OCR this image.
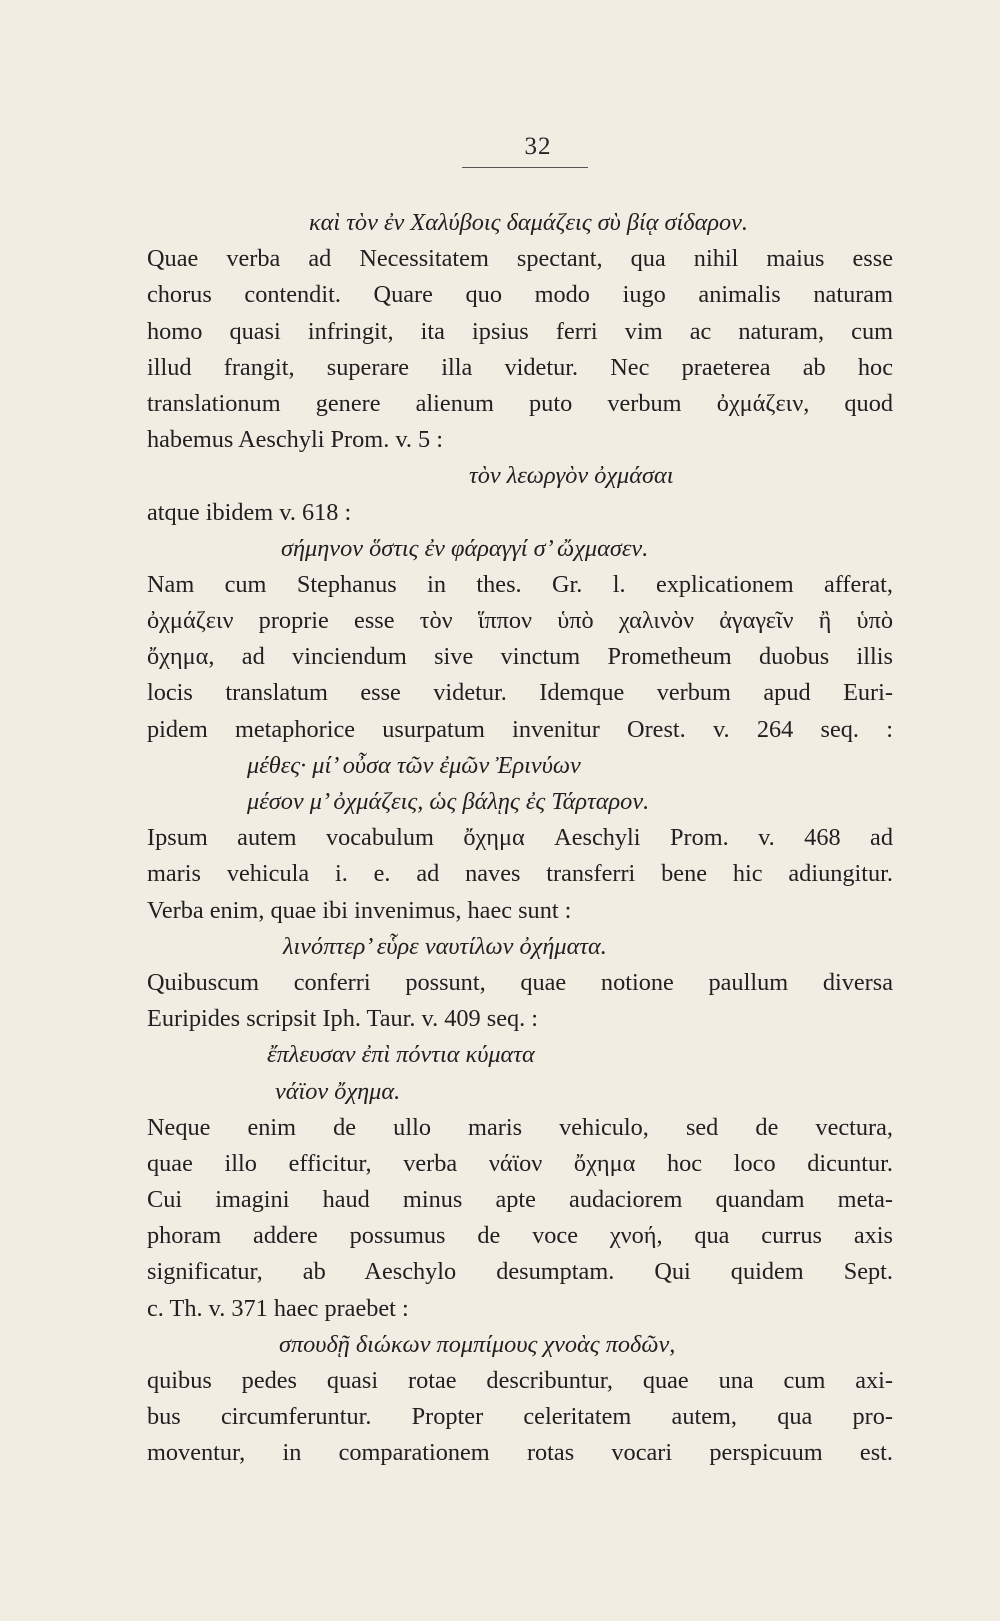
32
καὶ τὸν ἐν Χαλύβοις δαμάζεις σὺ βίᾳ σίδαρον.
Quae verba ad Necessitatem spectant, qua nihil maius esse
chorus contendit. Quare quo modo iugo animalis naturam
homo quasi infringit, ita ipsius ferri vim ac naturam, cum
illud frangit, superare illa videtur. Nec praeterea ab hoc
translationum genere alienum puto verbum ὀχμάζειν, quod
habemus Aeschyli Prom. v. 5 :
τὸν λεωργὸν ὀχμάσαι
atque ibidem v. 618 :
σήμηνον ὅστις ἐν φάραγγί σ’ ὤχμασεν.
Nam cum Stephanus in thes. Gr. l. explicationem afferat,
ὀχμάζειν proprie esse τὸν ἵππον ὑπὸ χαλινὸν ἀγαγεῖν ἢ ὑπὸ
ὄχημα, ad vinciendum sive vinctum Prometheum duobus illis
locis translatum esse videtur. Idemque verbum apud Euri-
pidem metaphorice usurpatum invenitur Orest. v. 264 seq. :
μέθες· μί’ οὖσα τῶν ἐμῶν Ἐρινύων
μέσον μ’ ὀχμάζεις, ὡς βάλῃς ἐς Τάρταρον.
Ipsum autem vocabulum ὄχημα Aeschyli Prom. v. 468 ad
maris vehicula i. e. ad naves transferri bene hic adiungitur.
Verba enim, quae ibi invenimus, haec sunt :
λινόπτερ’ εὗρε ναυτίλων ὀχήματα.
Quibuscum conferri possunt, quae notione paullum diversa
Euripides scripsit Iph. Taur. v. 409 seq. :
ἔπλευσαν ἐπὶ πόντια κύματα
νάϊον ὄχημα.
Neque enim de ullo maris vehiculo, sed de vectura,
quae illo efficitur, verba νάϊον ὄχημα hoc loco dicuntur.
Cui imagini haud minus apte audaciorem quandam meta-
phoram addere possumus de voce χνοή, qua currus axis
significatur, ab Aeschylo desumptam. Qui quidem Sept.
c. Th. v. 371 haec praebet :
σπουδῇ διώκων πομπίμους χνοὰς ποδῶν,
quibus pedes quasi rotae describuntur, quae una cum axi-
bus circumferuntur. Propter celeritatem autem, qua pro-
moventur, in comparationem rotas vocari perspicuum est.
